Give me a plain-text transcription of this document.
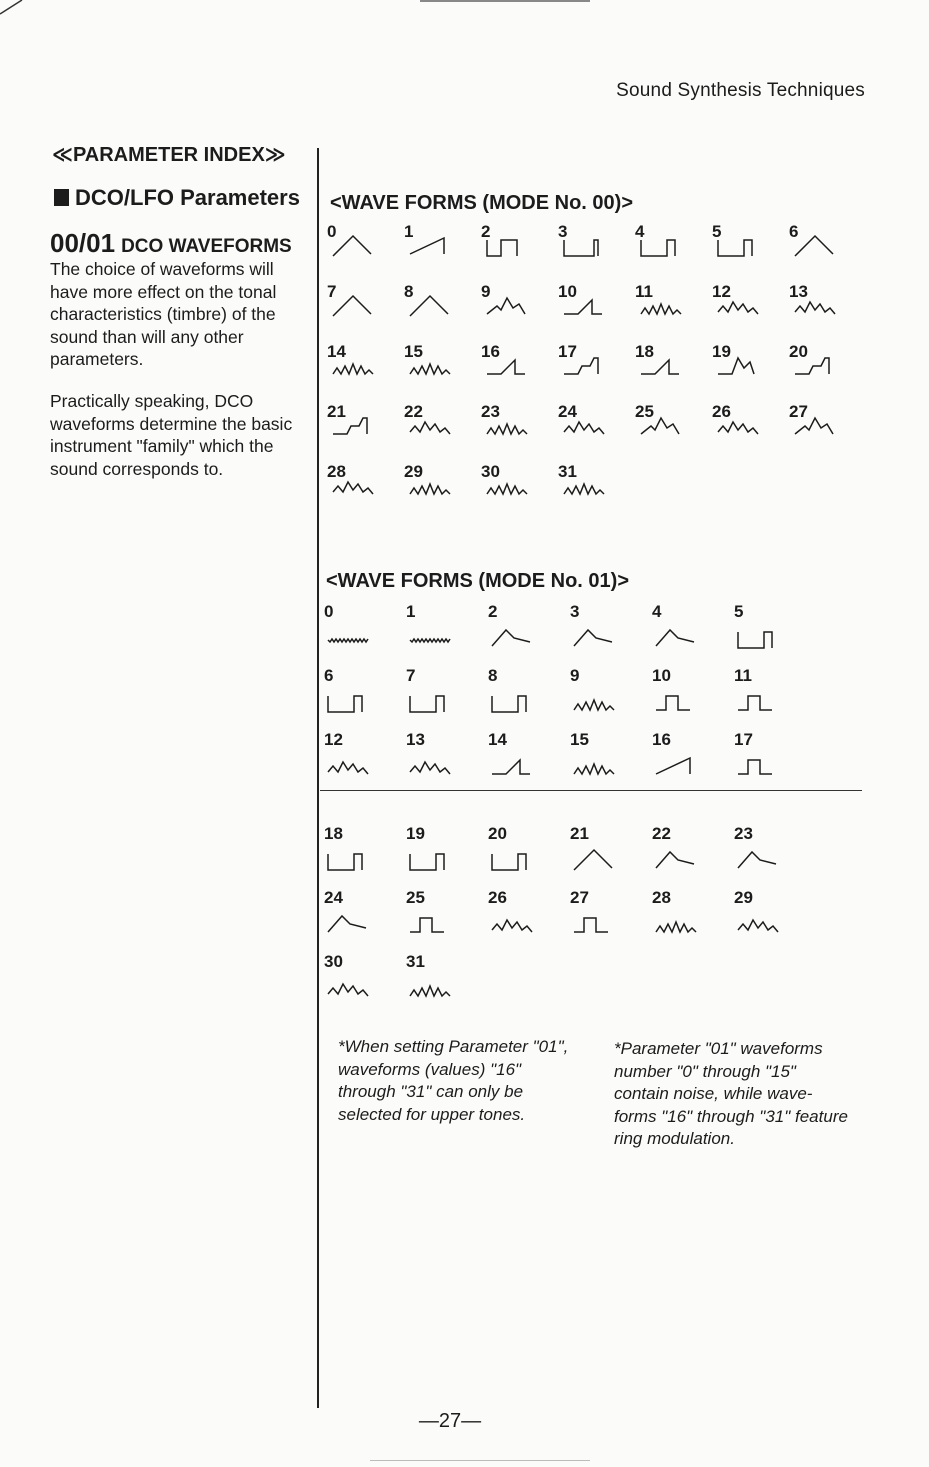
Sound Synthesis Techniques
≪PARAMETER INDEX≫
DCO/LFO Parameters
00/01 DCO WAVEFORMS
The choice of waveforms will have more effect on the tonal characteristics (timbre) of the sound than will any other parameters.
Practically speaking, DCO waveforms determine the basic instrument "family" which the sound corresponds to.
<WAVE FORMS (MODE No. 00)>
0	1	2	3	4	5	6
7	8	9	10	11	12	13
14	15	16	17	18	19	20
21	22	23	24	25	26	27
28	29	30	31
<WAVE FORMS (MODE No. 01)>
0	1	2	3	4	5
6	7	8	9	10	11
12	13	14	15	16	17
18	19	20	21	22	23
24	25	26	27	28	29
30	31
*When setting Parameter "01", waveforms (values) "16" through "31" can only be selected for upper tones.
*Parameter "01" waveforms number "0" through "15" contain noise, while wave-forms "16" through "31" feature ring modulation.
—27—
